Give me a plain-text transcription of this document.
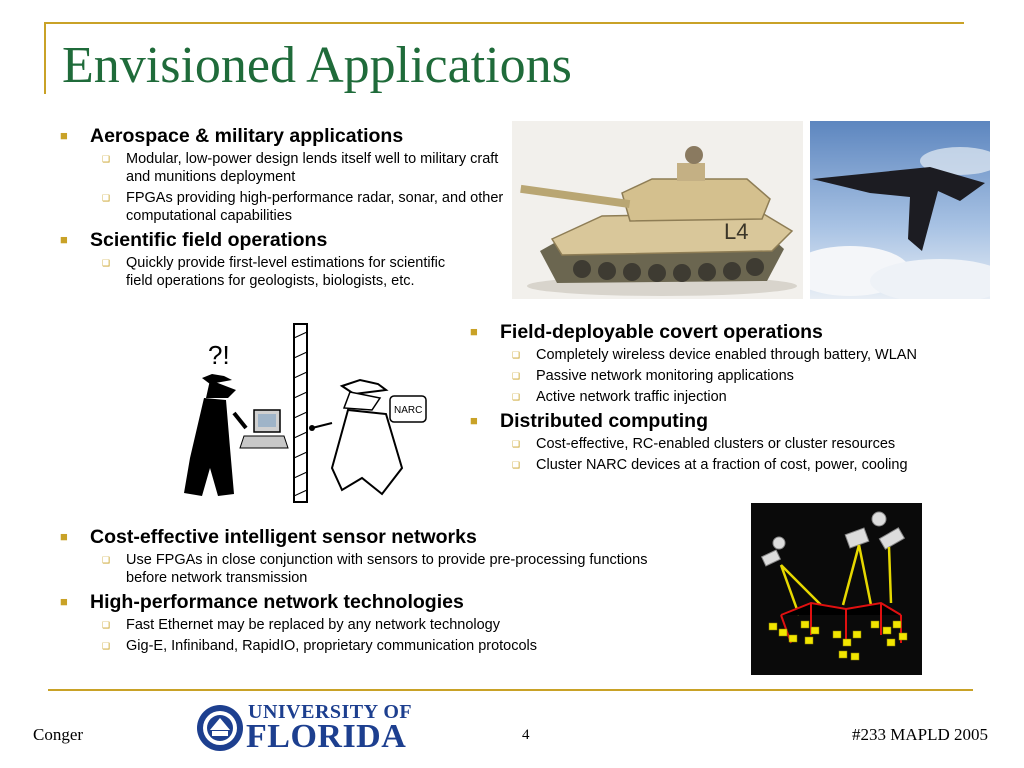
Envisioned Applications
■ Aerospace & military applications
❑ Modular, low-power design lends itself well to military craft and munitions deployment
❑ FPGAs providing high-performance radar, sonar, and other computational capabilities
■ Scientific field operations
❑ Quickly provide first-level estimations for scientific field operations for geologists, biologists, etc.
L4
NARC
?!
■ Field-deployable covert operations
❑ Completely wireless device enabled through battery, WLAN
❑ Passive network monitoring applications
❑ Active network traffic injection
■ Distributed computing
❑ Cost-effective, RC-enabled clusters or cluster resources
❑ Cluster NARC devices at a fraction of cost, power, cooling
■ Cost-effective intelligent sensor networks
❑ Use FPGAs in close conjunction with sensors to provide pre-processing functions before network transmission
■ High-performance network technologies
❑ Fast Ethernet may be replaced by any network technology
❑ Gig-E, Infiniband, RapidIO, proprietary communication protocols
Conger
UNIVERSITY OF
FLORIDA	4	#233 MAPLD 2005
